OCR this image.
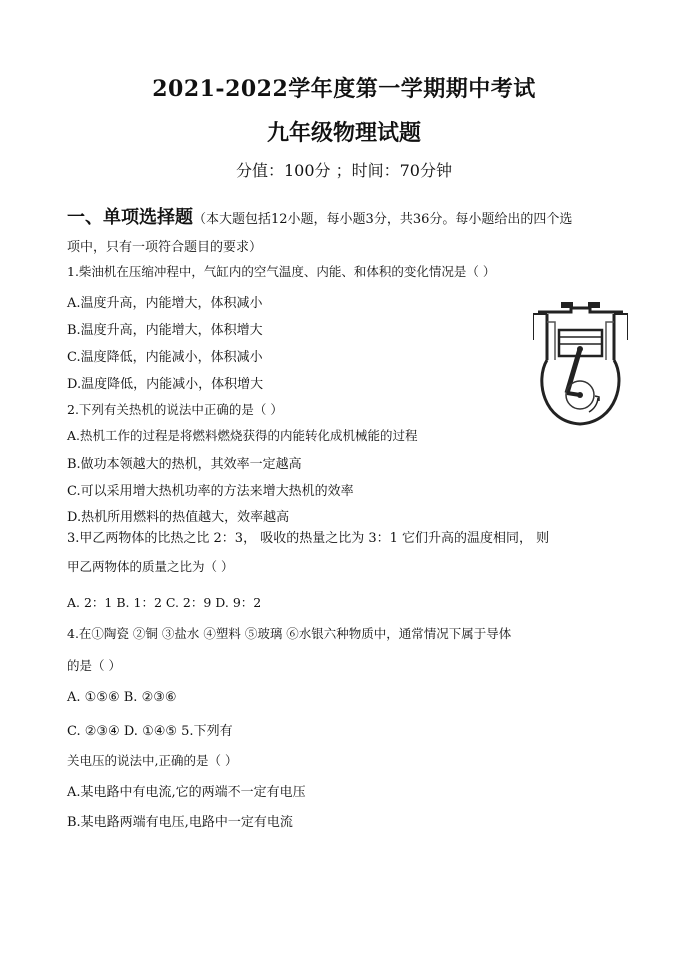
2021-2022学年度第一学期期中考试
九年级物理试题
分值：100分 ；时间：70分钟
一、单项选择题（本大题包括12小题，每小题3分，共36分。每小题给出的四个选
项中，只有一项符合题目的要求）
1.柴油机在压缩冲程中，气缸内的空气温度、内能、和体积的变化情况是（ ）
A.温度升高，内能增大，体积减小
B.温度升高，内能增大，体积增大
C.温度降低，内能减小，体积减小
D.温度降低，内能减小，体积增大
2.下列有关热机的说法中正确的是（ ）
A.热机工作的过程是将燃料燃烧获得的内能转化成机械能的过程
B.做功本领越大的热机，其效率一定越高
C.可以采用增大热机功率的方法来增大热机的效率
D.热机所用燃料的热值越大，效率越高
3.甲乙两物体的比热之比 2：3， 吸收的热量之比为 3：1 它们升高的温度相同， 则
甲乙两物体的质量之比为（ ）
A. 2：1 B. 1：2 C. 2：9 D. 9：2
4.在①陶瓷 ②铜 ③盐水 ④塑料 ⑤玻璃 ⑥水银六种物质中，通常情况下属于导体
的是（ ）
A. ①⑤⑥ B. ②③⑥
C. ②③④ D. ①④⑤ 5.下列有
关电压的说法中,正确的是（ ）
A.某电路中有电流,它的两端不一定有电压
B.某电路两端有电压,电路中一定有电流
